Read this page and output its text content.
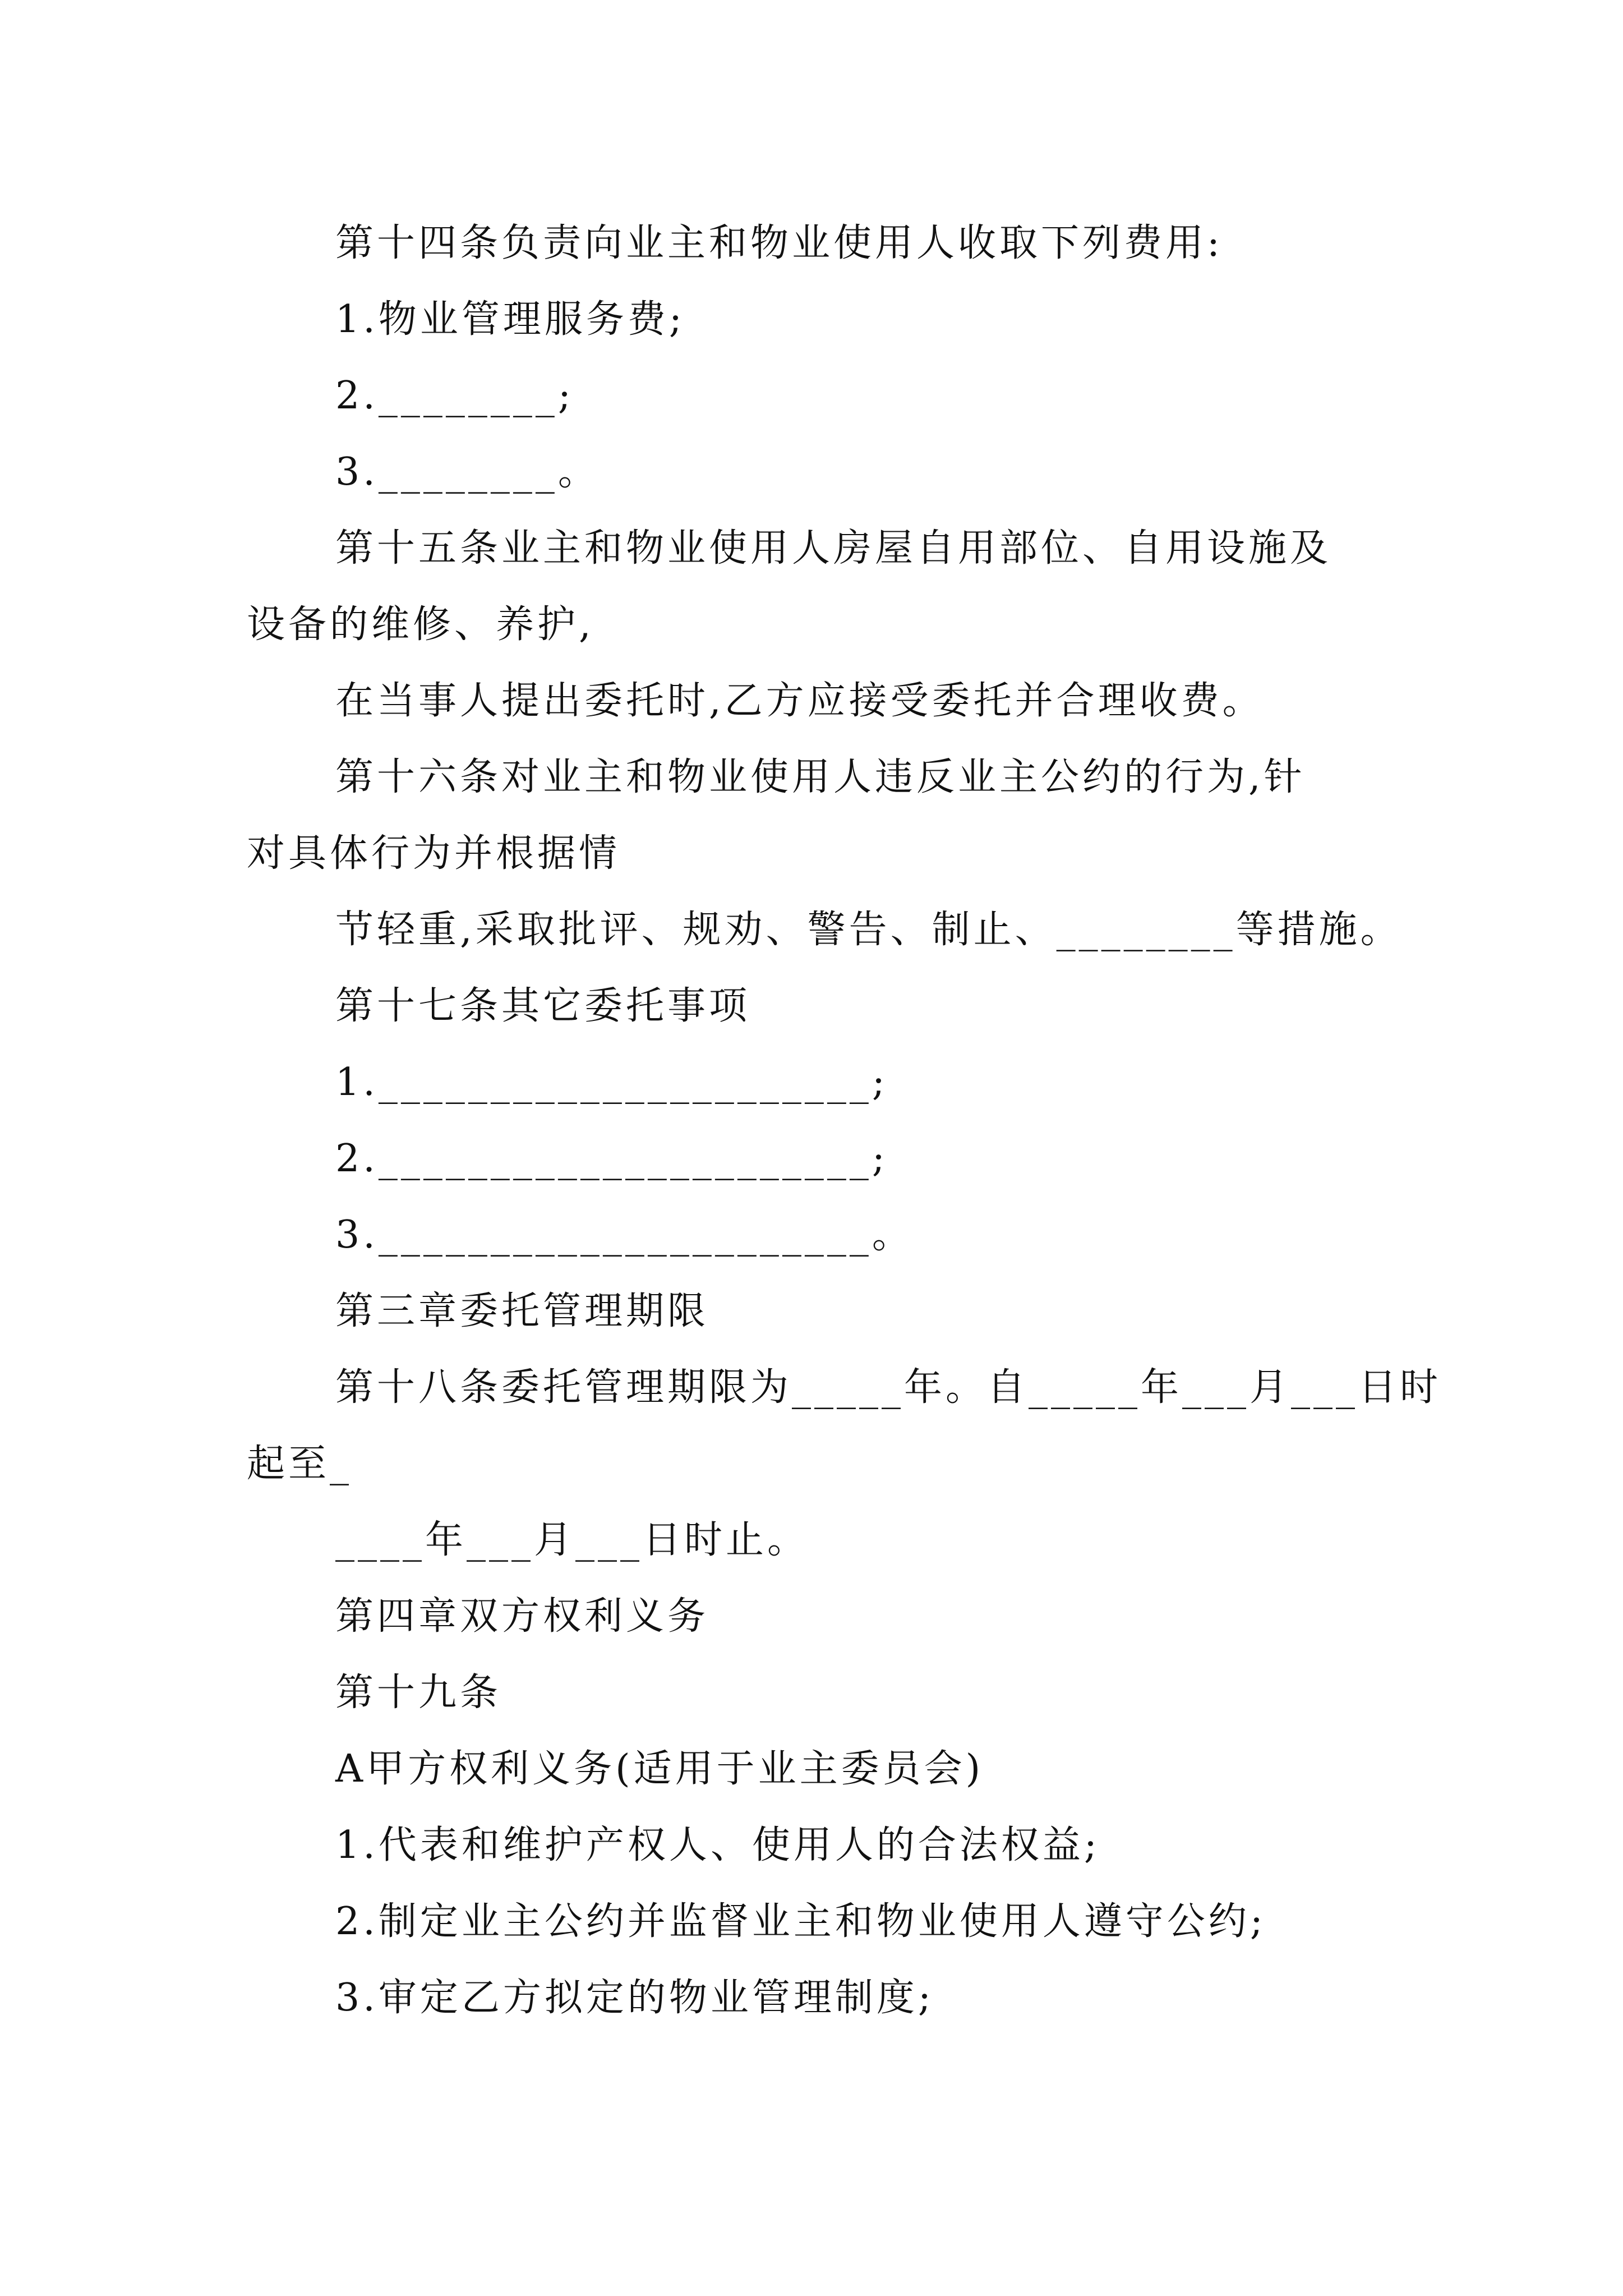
第十四条负责向业主和物业使用人收取下列费用:
1.物业管理服务费;
2.________;
3.________。
第十五条业主和物业使用人房屋自用部位、自用设施及
设备的维修、养护,
在当事人提出委托时,乙方应接受委托并合理收费。
第十六条对业主和物业使用人违反业主公约的行为,针
对具体行为并根据情
节轻重,采取批评、规劝、警告、制止、________等措施。
第十七条其它委托事项
1.______________________;
2.______________________;
3.______________________。
第三章委托管理期限
第十八条委托管理期限为_____年。自_____年___月___日时
起至_
____年___月___日时止。
第四章双方权利义务
第十九条
A甲方权利义务(适用于业主委员会)
1.代表和维护产权人、使用人的合法权益;
2.制定业主公约并监督业主和物业使用人遵守公约;
3.审定乙方拟定的物业管理制度;
